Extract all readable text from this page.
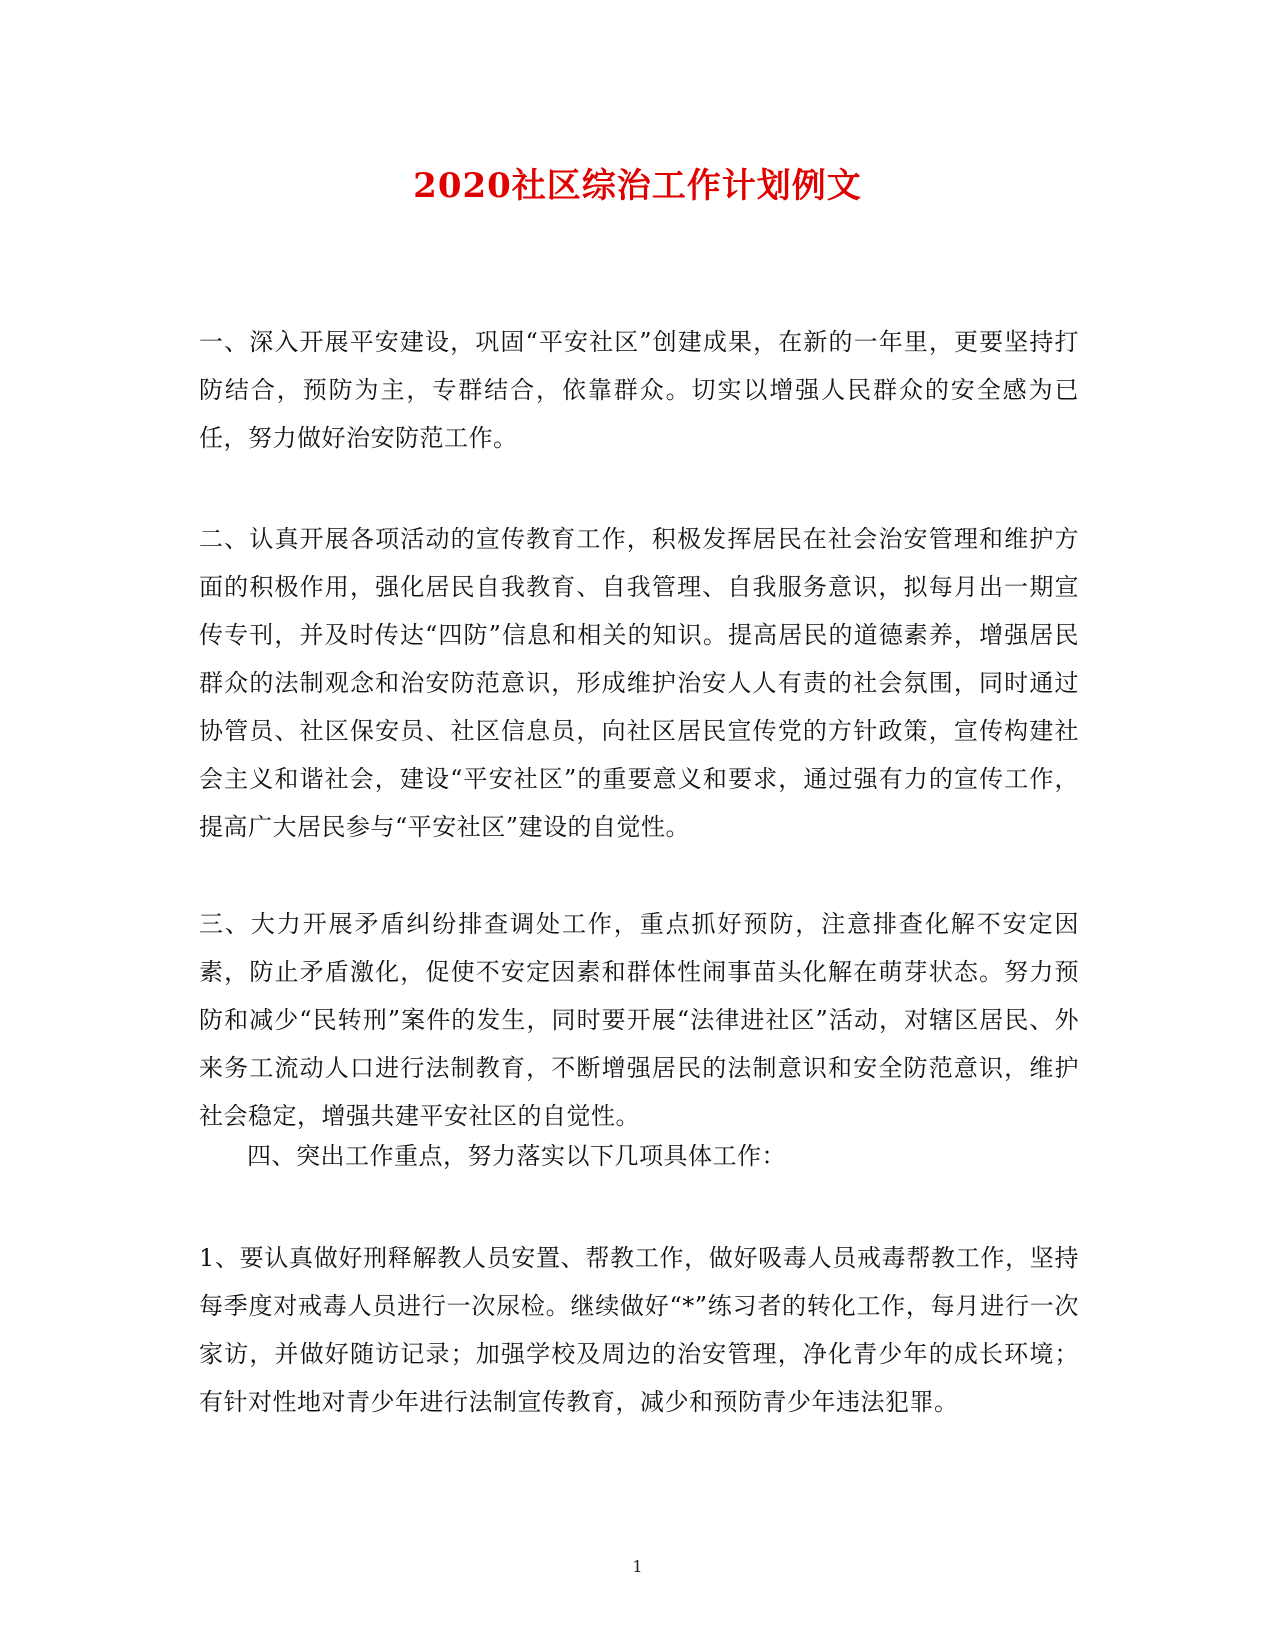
2020社区综治工作计划例文

一、深入开展平安建设，巩固“平安社区”创建成果，在新的一年里，更要坚持打防结合，预防为主，专群结合，依靠群众。切实以增强人民群众的安全感为已任，努力做好治安防范工作。

二、认真开展各项活动的宣传教育工作，积极发挥居民在社会治安管理和维护方面的积极作用，强化居民自我教育、自我管理、自我服务意识，拟每月出一期宣传专刊，并及时传达“四防”信息和相关的知识。提高居民的道德素养，增强居民群众的法制观念和治安防范意识，形成维护治安人人有责的社会氛围，同时通过协管员、社区保安员、社区信息员，向社区居民宣传党的方针政策，宣传构建社会主义和谐社会，建设“平安社区”的重要意义和要求，通过强有力的宣传工作，提高广大居民参与“平安社区”建设的自觉性。

三、大力开展矛盾纠纷排查调处工作，重点抓好预防，注意排查化解不安定因素，防止矛盾激化，促使不安定因素和群体性闹事苗头化解在萌芽状态。努力预防和减少“民转刑”案件的发生，同时要开展“法律进社区”活动，对辖区居民、外来务工流动人口进行法制教育，不断增强居民的法制意识和安全防范意识，维护社会稳定，增强共建平安社区的自觉性。

四、突出工作重点，努力落实以下几项具体工作：

1、要认真做好刑释解教人员安置、帮教工作，做好吸毒人员戒毒帮教工作，坚持每季度对戒毒人员进行一次尿检。继续做好“*”练习者的转化工作，每月进行一次家访，并做好随访记录；加强学校及周边的治安管理，净化青少年的成长环境；有针对性地对青少年进行法制宣传教育，减少和预防青少年违法犯罪。

1
